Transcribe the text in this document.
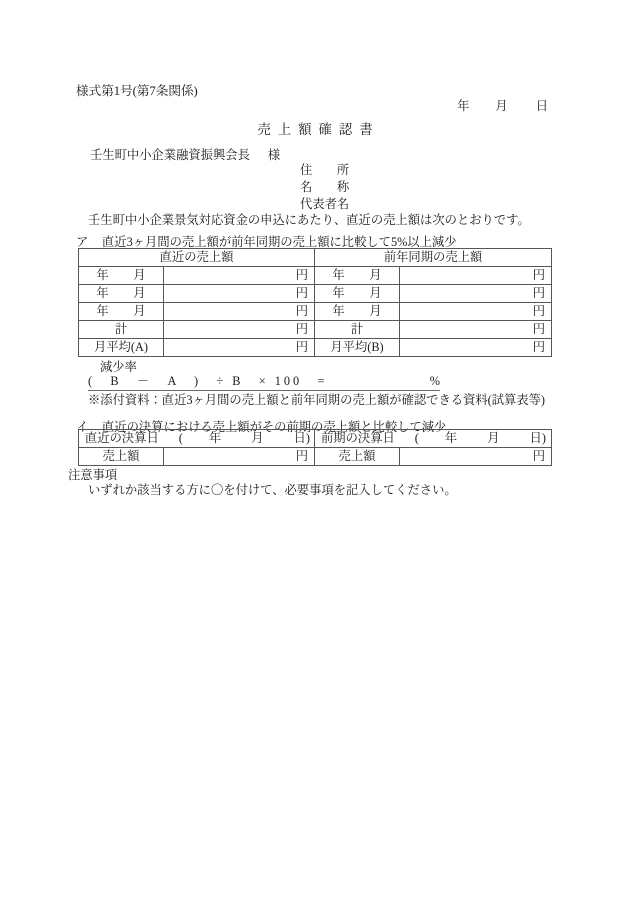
様式第1号(第7条関係)
年 月 日
売上額確認書
壬生町中小企業融資振興会長 様
住　　所
名　　称
代表者名
壬生町中小企業景気対応資金の申込にあたり、直近の売上額は次のとおりです。
ア 直近3ヶ月間の売上額が前年同期の売上額に比較して5%以上減少
直近の売上額		前年同期の売上額	
年　　月	円	年　　月	円
年　　月	円	年　　月	円
年　　月	円	年　　月	円
計	円	計	円
月平均(A)	円	月平均(B)	円
減少率
%
(　B　－　A　)　÷ B　× 100　=
※添付資料：直近3ヶ月間の売上額と前年同期の売上額が確認できる資料(試算表等)
イ 直近の決算における売上額がその前期の売上額と比較して減少
直近の決算日 ( 年 月 日)		前期の決算日 ( 年 月 日)	
売上額	円	売上額	円
注意事項
いずれか該当する方に〇を付けて、必要事項を記入してください。
